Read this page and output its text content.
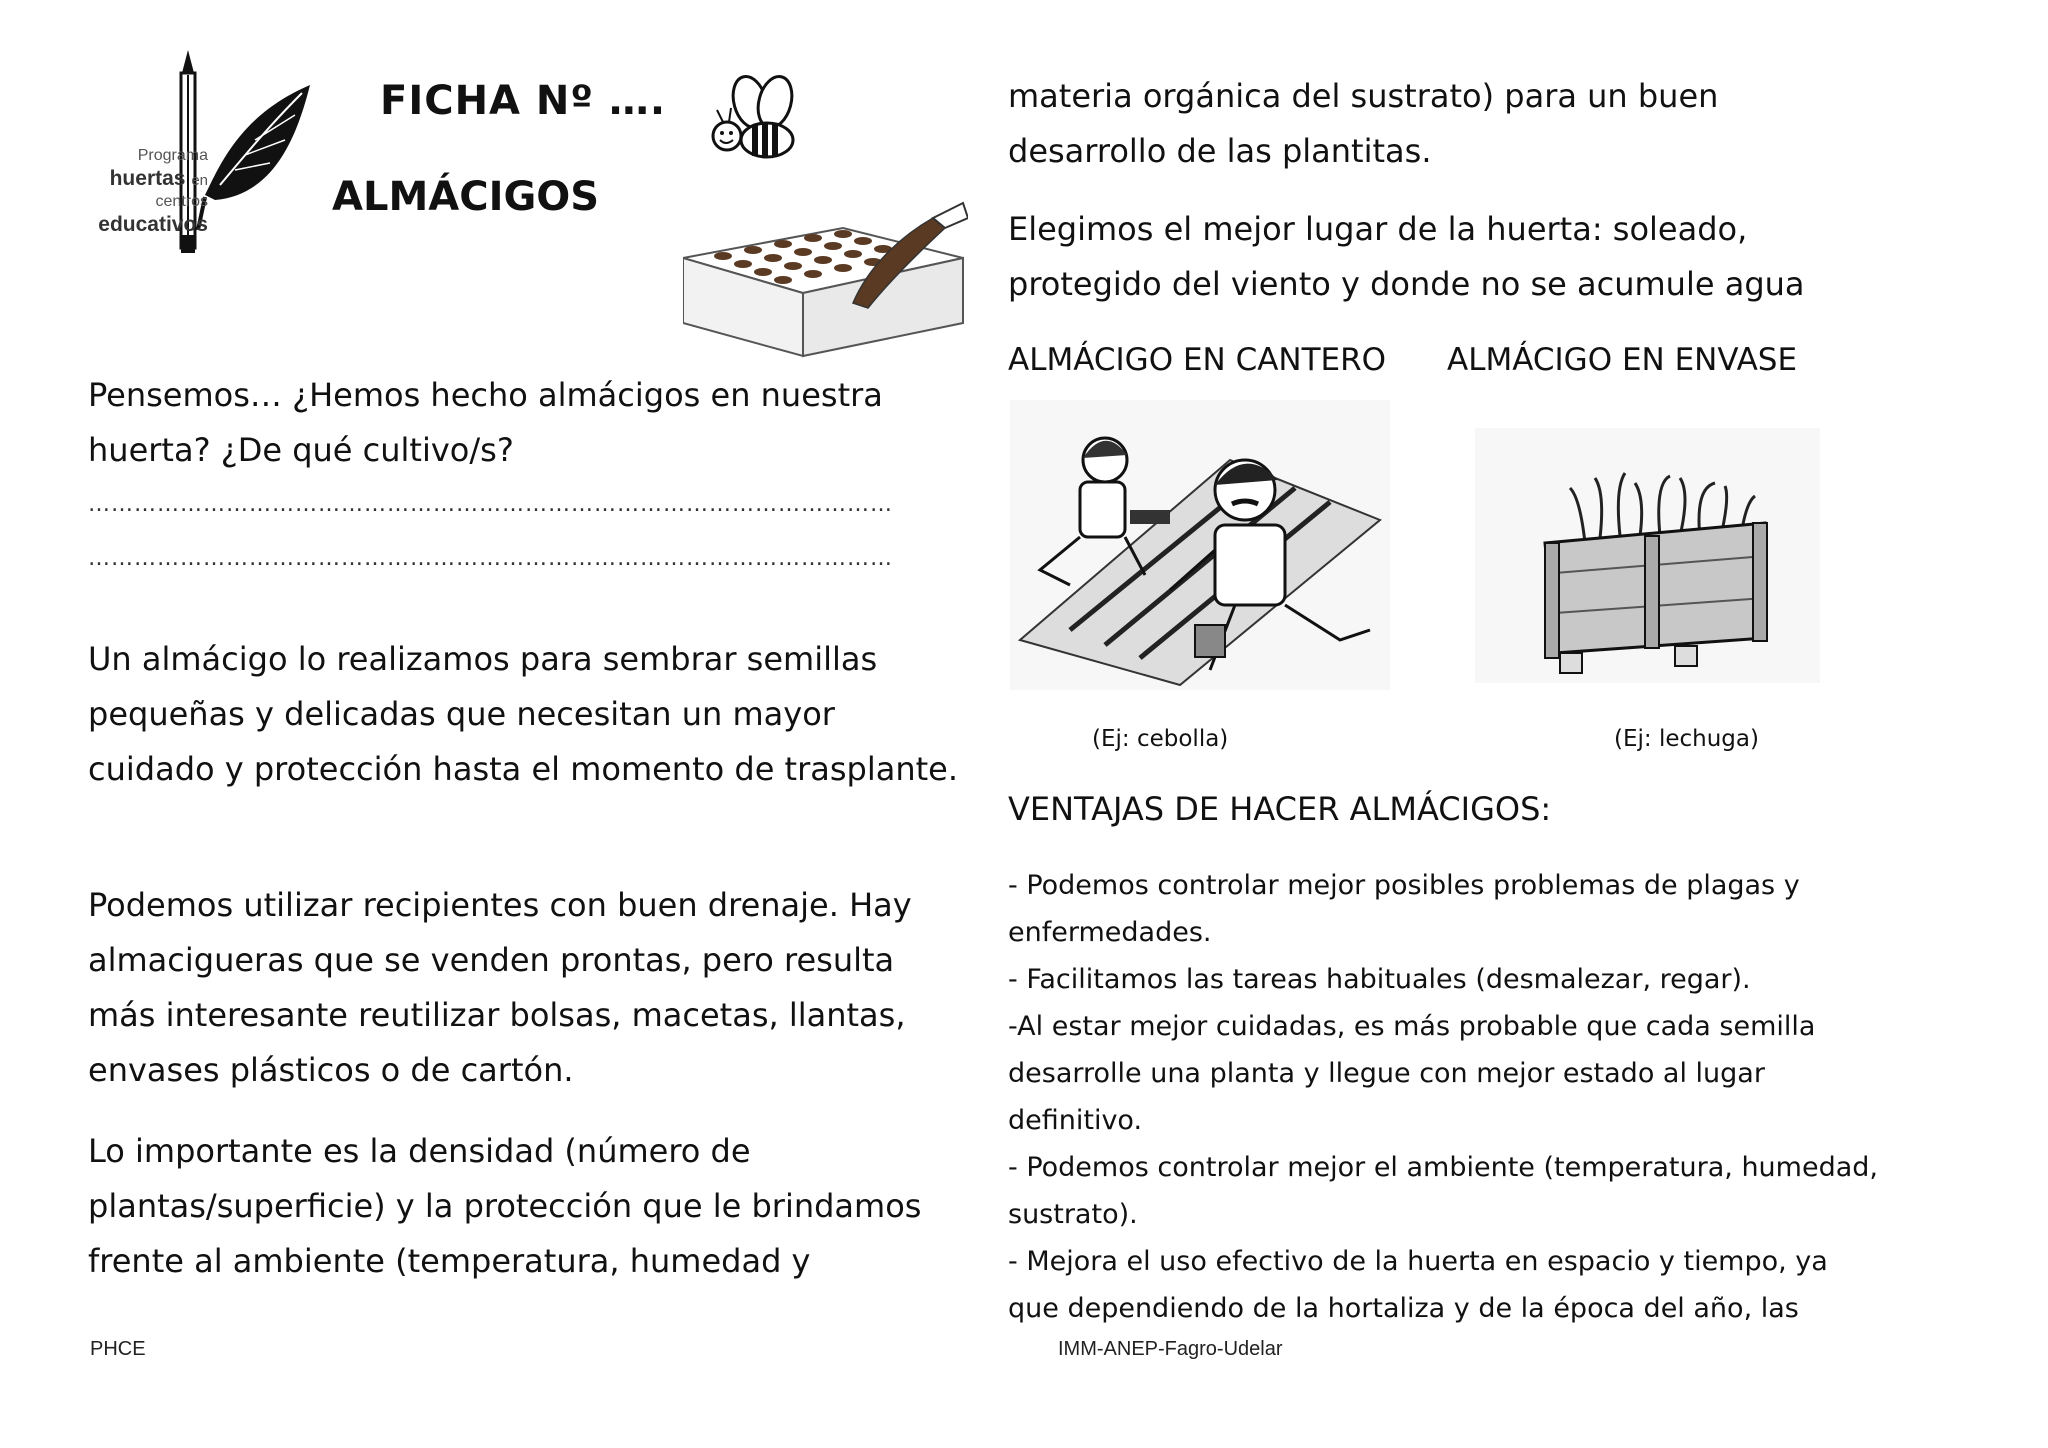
Programa
huertas en
centros
educativos
FICHA Nº ….
ALMÁCIGOS
Pensemos… ¿Hemos hecho almácigos en nuestra huerta? ¿De qué cultivo/s?
……………………………………………………………………………………………
……………………………………………………………………………………………
Un almácigo lo realizamos para sembrar semillas pequeñas y delicadas que necesitan un mayor cuidado y protección hasta el momento de trasplante.
Podemos utilizar recipientes con buen drenaje. Hay almacigueras que se venden prontas, pero resulta más interesante reutilizar bolsas, macetas, llantas, envases plásticos o de cartón.
Lo importante es la densidad (número de plantas/superficie) y la protección que le brindamos frente al ambiente (temperatura, humedad y
materia orgánica del sustrato) para un buen desarrollo de las plantitas.
Elegimos el mejor lugar de la huerta: soleado, protegido del viento y donde no se acumule agua
ALMÁCIGO EN CANTERO ALMÁCIGO EN ENVASE
(Ej: cebolla)	(Ej: lechuga)
VENTAJAS DE HACER ALMÁCIGOS:
- Podemos controlar mejor posibles problemas de plagas y enfermedades.
- Facilitamos las tareas habituales (desmalezar, regar).
-Al estar mejor cuidadas, es más probable que cada semilla desarrolle una planta y llegue con mejor estado al lugar definitivo.
- Podemos controlar mejor el ambiente (temperatura, humedad, sustrato).
- Mejora el uso efectivo de la huerta en espacio y tiempo, ya que dependiendo de la hortaliza y de la época del año, las
PHCE	IMM-ANEP-Fagro-Udelar
